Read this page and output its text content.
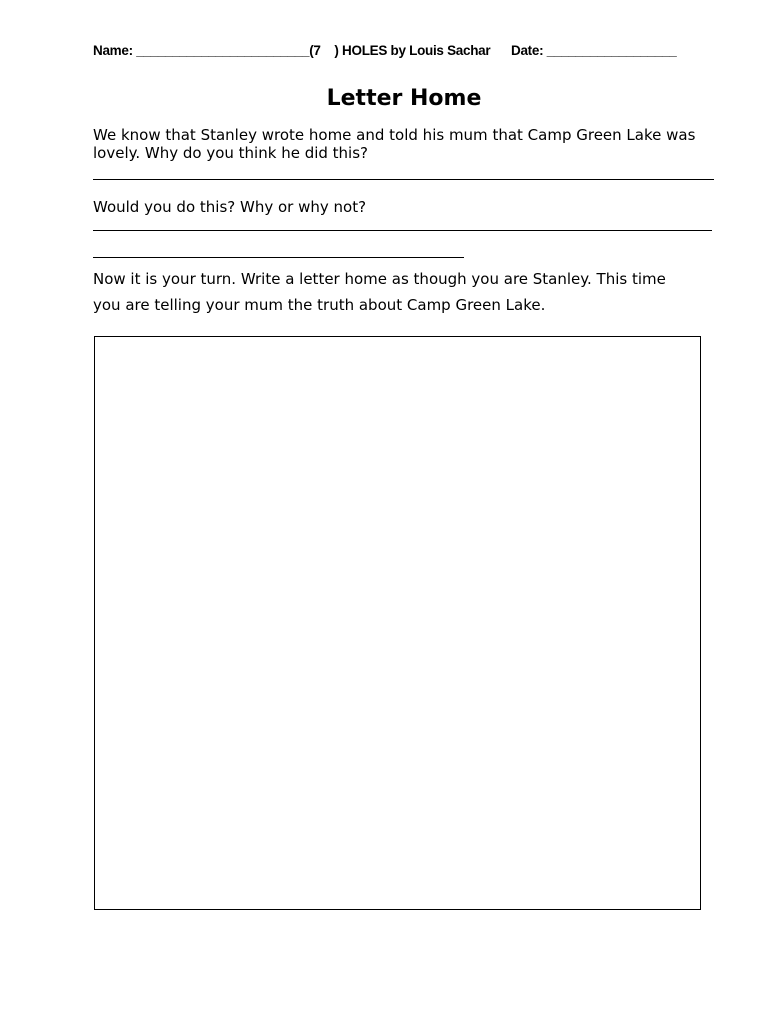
Name: ________________________(7    ) HOLES by Louis Sachar      Date: __________________
Letter Home
We know that Stanley wrote home and told his mum that Camp Green Lake was lovely. Why do you think he did this?
Would you do this? Why or why not?
Now it is your turn. Write a letter home as though you are Stanley. This time
you are telling your mum the truth about Camp Green Lake.
